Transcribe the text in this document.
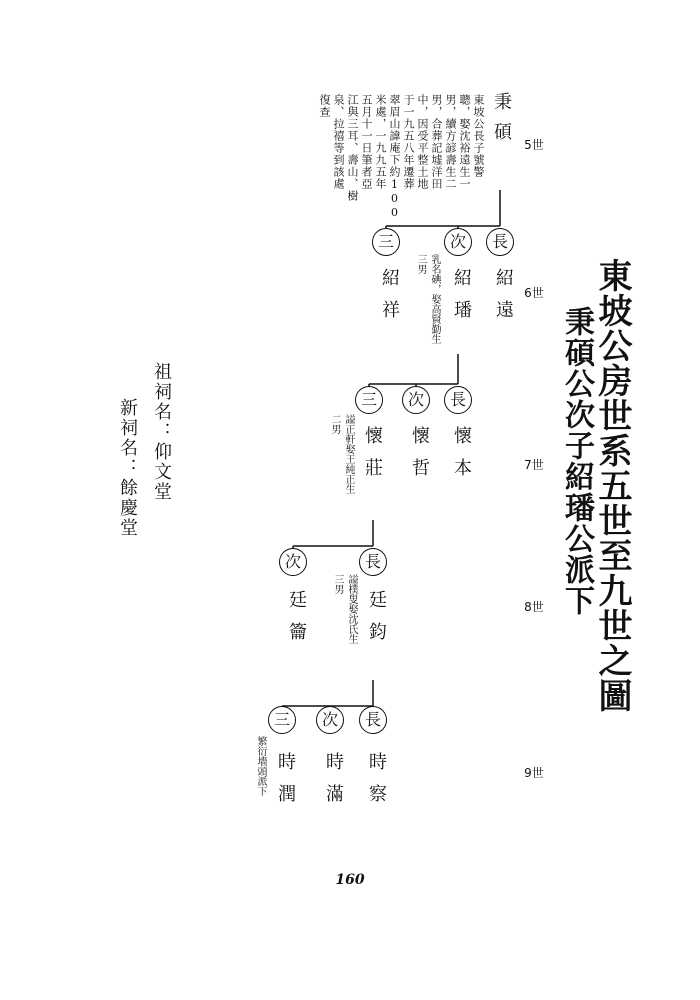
東坡公房世系五世至九世之圖
秉碩公次子紹璠公派下
5世
6世
7世
8世
9世
秉碩
東坡公長子號警
聰，娶沈裕遠生一
男，續方諺壽生二
男，合葬記墟洋田
中，因受平整土地
于一九五八年遷葬
翠眉山諱庵下約100
米處，一九九五年
五月十一日筆者亞
江與三耳、壽山、樹
泉、拉禧等到該處
復查
長
次
三
紹遠
紹璠
紹祥	乳名碘，娶高賢勤生
三男
長
次
三
懷本
懷哲
懷莊
謚正軒娶王純正生
二男
長
次
廷鈞
廷籥	謚樸叟娶沈氏生
三男
長
次
三
時察
時滿
時潤
繁衍墻頭派下
祖祠名：仰文堂
新祠名：餘慶堂
160
